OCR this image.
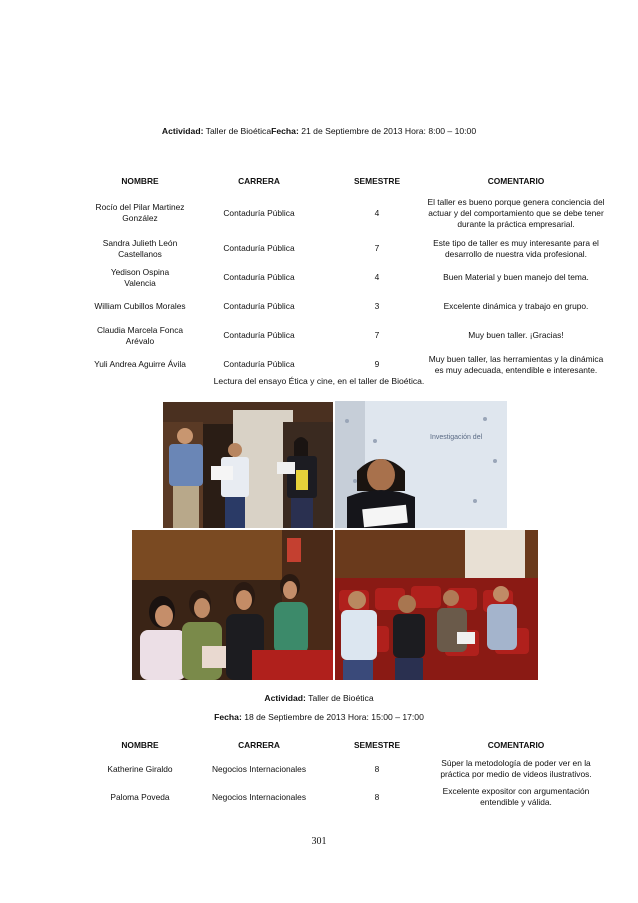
Actividad: Taller de BioéticaFecha: 21 de Septiembre de 2013 Hora: 8:00 – 10:00
NOMBRE	CARRERA	SEMESTRE	COMENTARIO
Rocío del Pilar Martinez González	Contaduría Pública	4	El taller es bueno porque genera conciencia del actuar y del comportamiento que se debe tener durante la práctica empresarial.
Sandra Julieth León Castellanos	Contaduría Pública	7	Este tipo de taller es muy interesante para el desarrollo de nuestra vida profesional.
Yedison Ospina Valencia	Contaduría Pública	4	Buen Material y buen manejo del tema.
William Cubillos Morales	Contaduría Pública	3	Excelente dinámica y trabajo en grupo.
Claudia Marcela Fonca Arévalo	Contaduría Pública	7	Muy buen taller. ¡Gracias!
Yuli Andrea Aguirre Ávila	Contaduría Pública	9	Muy buen taller, las herramientas y la dinámica es muy adecuada, entendible e interesante.
Lectura del ensayo Ética y cine, en el taller de Bioética.
Investigación del
Actividad: Taller de Bioética
Fecha: 18 de Septiembre de 2013 Hora: 15:00 – 17:00
NOMBRE	CARRERA	SEMESTRE	COMENTARIO
Katherine Giraldo	Negocios Internacionales	8	Súper la metodología de poder ver en la práctica por medio de videos ilustrativos.
Paloma Poveda	Negocios Internacionales	8	Excelente expositor con argumentación entendible y válida.
301
